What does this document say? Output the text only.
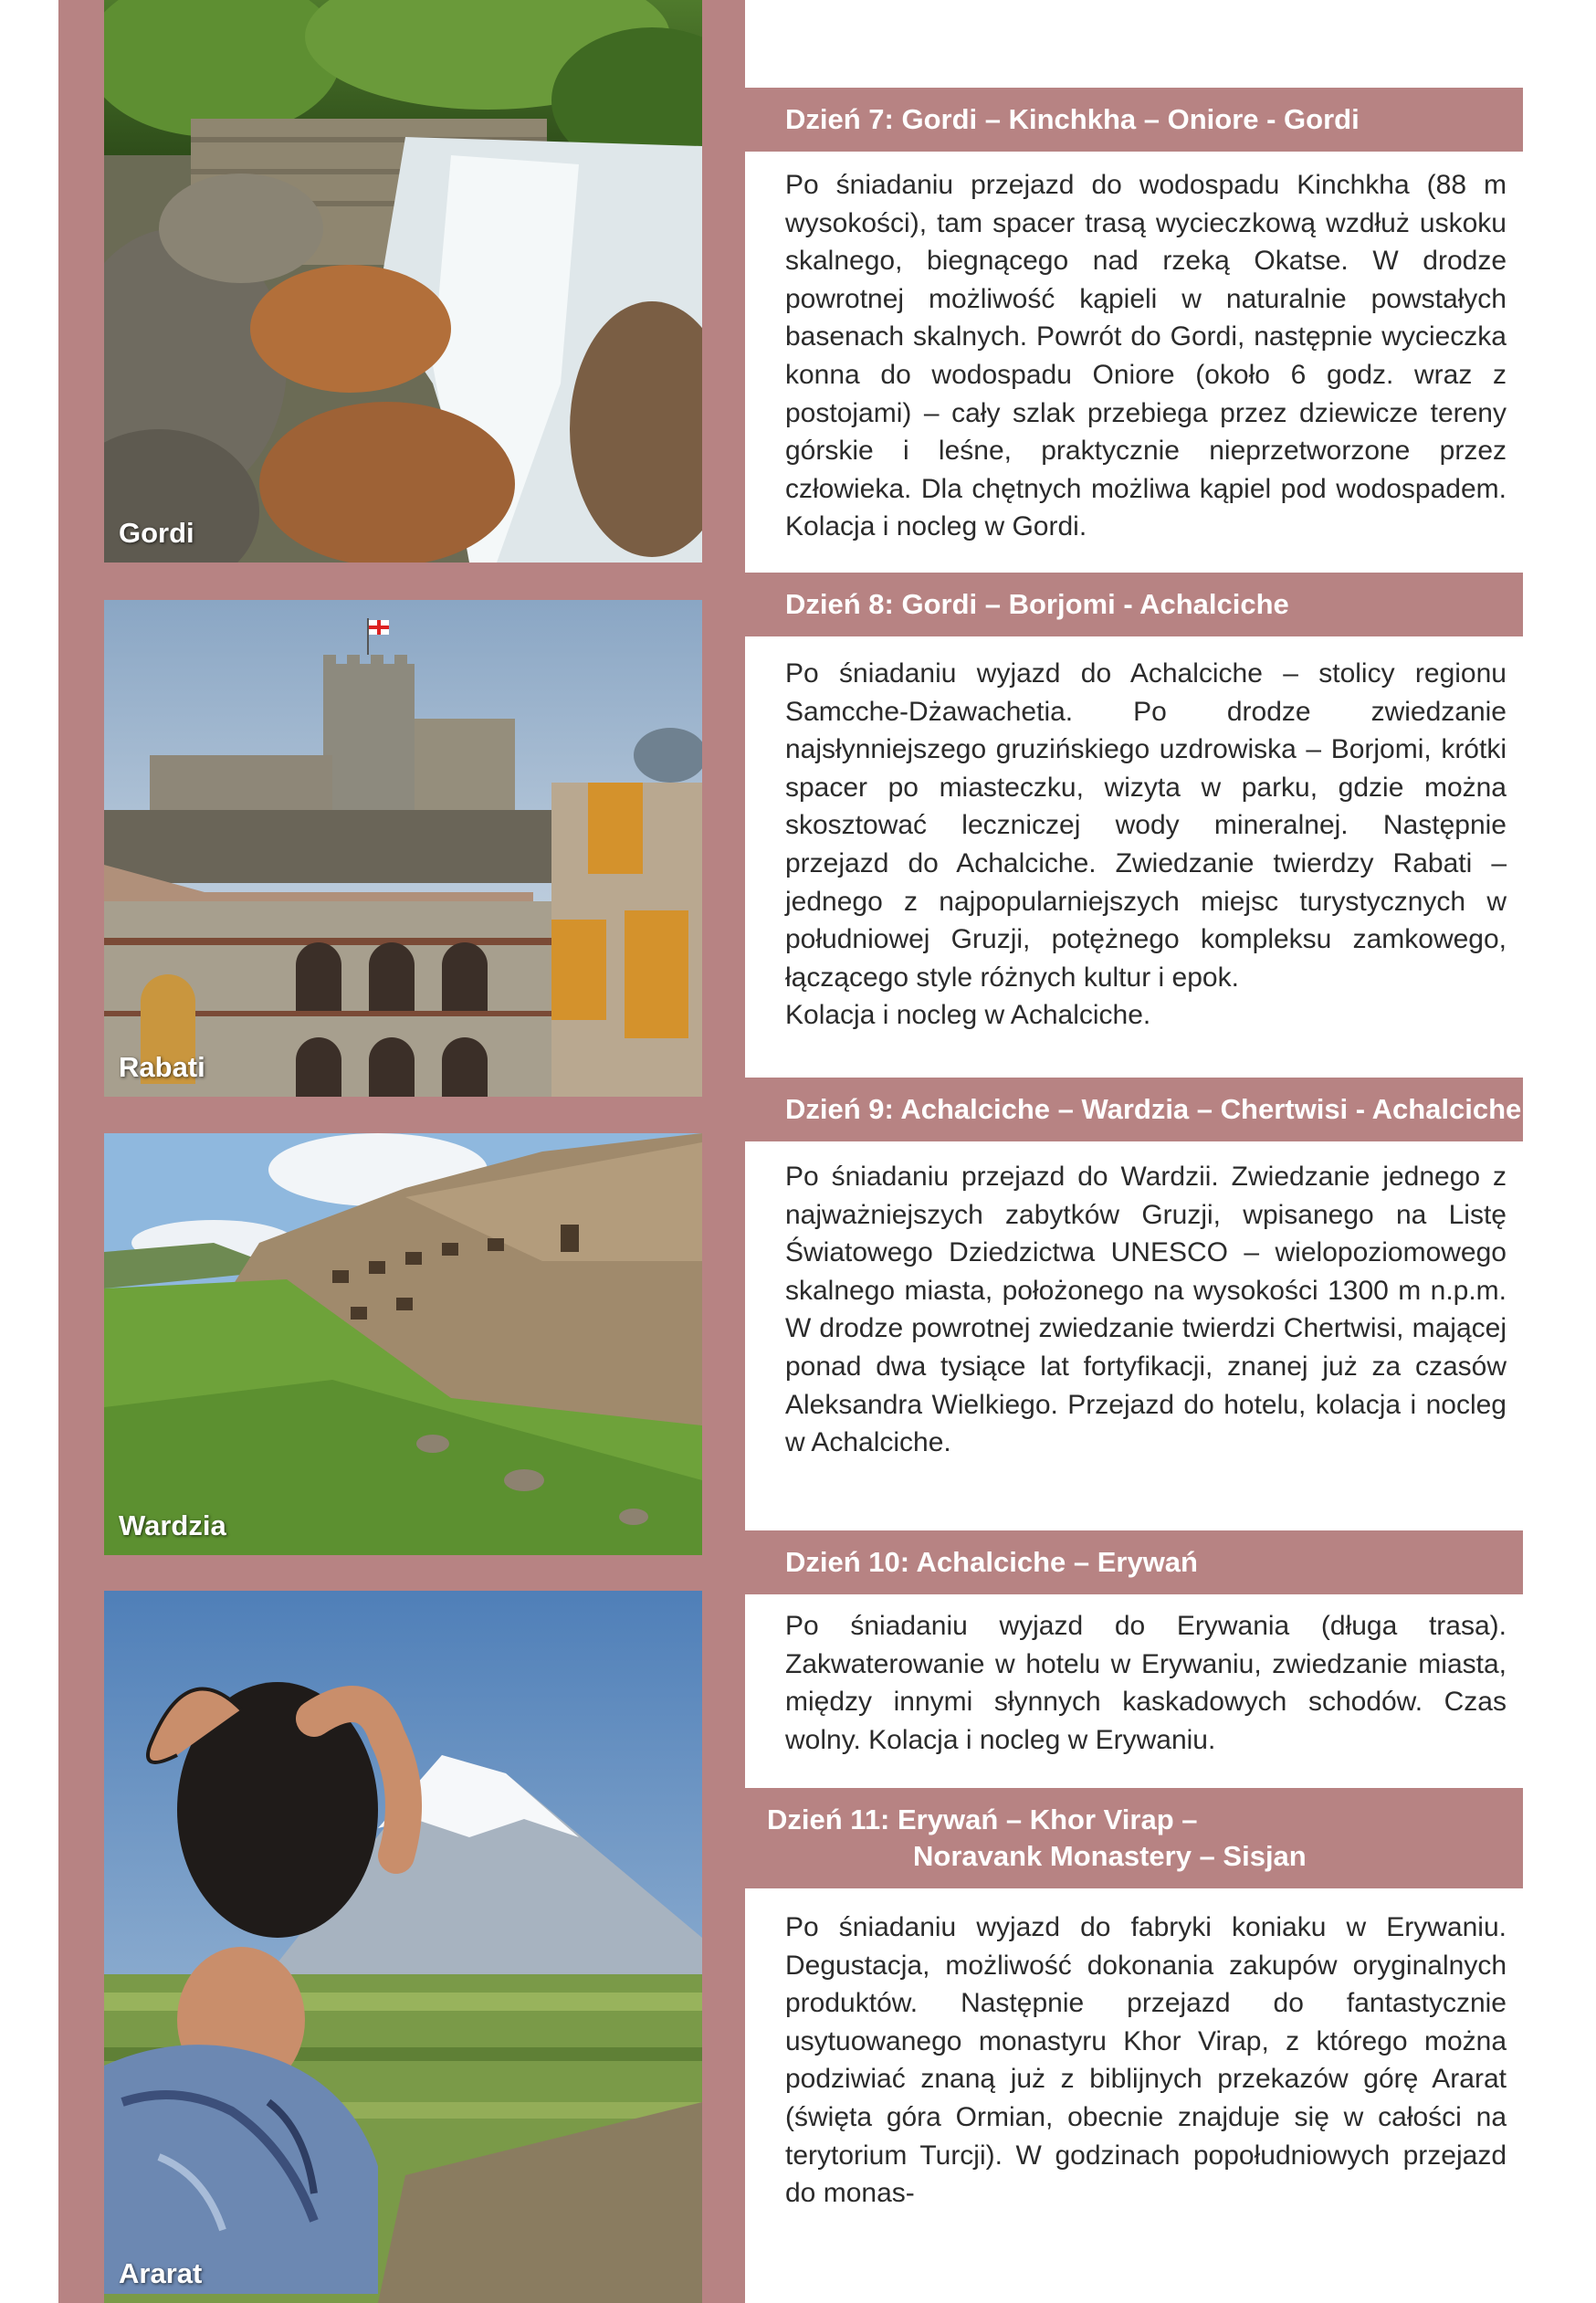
Gordi
Rabati
Wardzia
Ararat
Dzień 7: Gordi – Kinchkha – Oniore - Gordi

Po śniadaniu przejazd do wodospadu Kinchkha (88 m wysokości), tam spacer trasą wycieczkową wzdłuż uskoku skalnego, biegnącego nad rzeką Okatse. W drodze powrotnej możliwość kąpieli w naturalnie powstałych basenach skalnych. Powrót do Gordi, następnie wycieczka konna do wodospadu Oniore (około 6 godz. wraz z postojami) – cały szlak przebiega przez dziewicze tereny górskie i leśne, praktycznie nieprzetworzone przez człowieka. Dla chętnych możliwa kąpiel pod wodospadem. Kolacja i nocleg w Gordi.

Dzień 8: Gordi – Borjomi - Achalciche

Po śniadaniu wyjazd do Achalciche – stolicy regionu Samcche-Dżawachetia. Po drodze zwiedzanie najsłynniejszego gruzińskiego uzdrowiska – Borjomi, krótki spacer po miasteczku, wizyta w parku, gdzie można skosztować leczniczej wody mineralnej. Następnie przejazd do Achalciche. Zwiedzanie twierdzy Rabati – jednego z najpopularniejszych miejsc turystycznych w południowej Gruzji, potężnego kompleksu zamkowego, łączącego style różnych kultur i epok.
Kolacja i nocleg w Achalciche.

Dzień 9: Achalciche – Wardzia – Chertwisi - Achalciche

Po śniadaniu przejazd do Wardzii. Zwiedzanie jednego z najważniejszych zabytków Gruzji, wpisanego na Listę Światowego Dziedzictwa UNESCO – wielopoziomowego skalnego miasta, położonego na wysokości 1300 m n.p.m. W drodze powrotnej zwiedzanie twierdzi Chertwisi, mającej ponad dwa tysiące lat fortyfikacji, znanej już za czasów Aleksandra Wielkiego. Przejazd do hotelu, kolacja i nocleg w Achalciche.

Dzień 10: Achalciche – Erywań

Po śniadaniu wyjazd do Erywania (długa trasa). Zakwaterowanie w hotelu w Erywaniu, zwiedzanie miasta, między innymi słynnych kaskadowych schodów. Czas wolny. Kolacja i nocleg w Erywaniu.

Dzień 11: Erywań – Khor Virap –
Noravank Monastery – Sisjan

Po śniadaniu wyjazd do fabryki koniaku w Erywaniu. Degustacja, możliwość dokonania zakupów oryginalnych produktów. Następnie przejazd do fantastycznie usytuowanego monastyru Khor Virap, z którego można podziwiać znaną już z biblijnych przekazów górę Ararat (święta góra Ormian, obecnie znajduje się w całości na terytorium Turcji). W godzinach popołudniowych przejazd do monas-
